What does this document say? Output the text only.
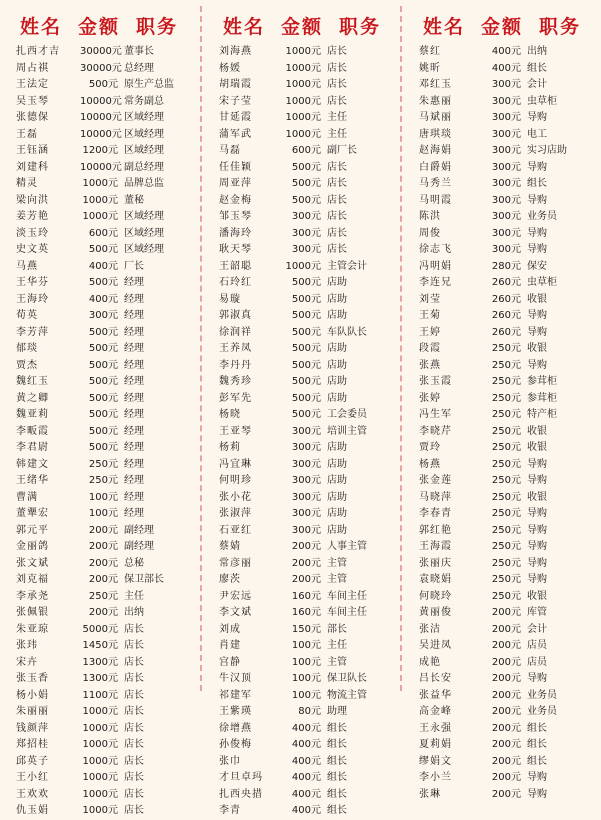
姓名 金额 职务
扎西才吉	30000元 董事长
周占祺	30000元 总经理
王法定	500元 原生产总监
吴玉琴	10000元 常务副总
张德保	10000元 区域经理
王磊	10000元 区域经理
王钰涵	1200元 区域经理
刘建科	10000元 副总经理
精灵	1000元 品牌总监
梁向洪	1000元 董秘
姜芳艳	1000元 区域经理
淡玉玲	600元 区域经理
史文英	500元 区域经理
马燕	400元 厂长
王华芬	500元 经理
王海玲	400元 经理
荀英	300元 经理
李芳萍	500元 经理
郁琰	500元 经理
贾杰	500元 经理
魏红玉	500元 经理
黄之卿	500元 经理
魏亚莉	500元 经理
李畈霞	500元 经理
李君尉	500元 经理
韩建文	250元 经理
王绪华	250元 经理
曹满	100元 经理
董犟宏	100元 经理
郭元平	200元 副经理
金丽鸽	200元 副经理
张文斌	200元 总秘
刘克福	200元 保卫部长
李承尧	250元 主任
张佩银	200元 出纳
朱亚琼	5000元 店长
张玮	1450元 店长
宋卉	1300元 店长
张玉香	1300元 店长
杨小娟	1100元 店长
朱丽丽	1000元 店长
钱颜萍	1000元 店长
郑招桂	1000元 店长
邱英子	1000元 店长
王小红	1000元 店长
王欢欢	1000元 店长
仇玉娟	1000元 店长
姓名 金额 职务
刘海燕	1000元 店长
杨媛	1000元 店长
胡瑞霞	1000元 店长
宋子莹	1000元 店长
甘延霞	1000元 主任
蒲军武	1000元 主任
马磊	600元 副厂长
任佳颖	500元 店长
周亚萍	500元 店长
赵金梅	500元 店长
邹玉琴	300元 店长
潘海玲	300元 店长
耿天琴	300元 店长
王韶聪	1000元 主管会计
石玲红	500元 店助
易璇	500元 店助
郭淑真	500元 店助
徐润祥	500元 车队队长
王养凤	500元 店助
李丹丹	500元 店助
魏秀珍	500元 店助
彭军先	500元 店助
杨晓	500元 工会委员
王亚琴	300元 培训主管
杨莉	300元 店助
冯宜琳	300元 店助
何明珍	300元 店助
张小花	300元 店助
张淑萍	300元 店助
石亚红	300元 店助
蔡婧	200元 人事主管
常彦丽	200元 主管
廖茨	200元 主管
尹宏远	160元 车间主任
李文斌	160元 车间主任
刘成	150元 部长
肖建	100元 主任
宫静	100元 主管
牛汉顶	100元 保卫队长
祁建军	100元 物流主管
王紫瑛	80元 助理
徐增燕	400元 组长
孙俊梅	400元 组长
张巾	400元 组长
才旦卓玛	400元 组长
扎西央措	400元 组长
李青	400元 组长
姓名 金额 职务
蔡红	400元 出纳
姚昕	400元 组长
邓红玉	300元 会计
朱惠丽	300元 虫草柜
马斌丽	300元 导购
唐琪琰	300元 电工
赵海娟	300元 实习店助
白爵娟	300元 导购
马秀兰	300元 组长
马明霞	300元 导购
陈洪	300元 业务员
周俊	300元 导购
徐志飞	300元 导购
冯明娟	280元 保安
李连兄	260元 虫草柜
刘莹	260元 收银
王菊	260元 导购
王婷	260元 导购
段霞	250元 收银
张燕	250元 导购
张玉霞	250元 参茸柜
张婷	250元 参茸柜
冯生军	250元 特产柜
李晓芹	250元 收银
贾玲	250元 收银
杨燕	250元 导购
张金莲	250元 导购
马晓萍	250元 收银
李春青	250元 导购
郭红艳	250元 导购
王海霞	250元 导购
张丽庆	250元 导购
袁晓娟	250元 导购
何晓玲	250元 收银
黄丽俊	200元 库管
张洁	200元 会计
吴进凤	200元 店员
成艳	200元 店员
吕长安	200元 导购
张益华	200元 业务员
高金峰	200元 业务员
王永强	200元 组长
夏莉娟	200元 组长
缪娟文	200元 组长
李小兰	200元 导购
张琳	200元 导购
